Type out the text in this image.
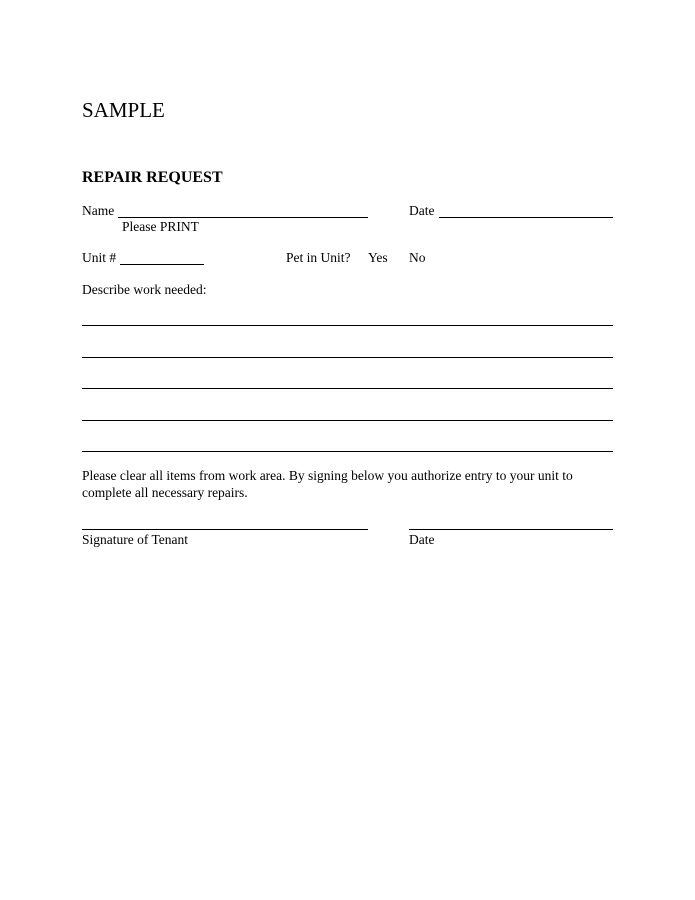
SAMPLE
REPAIR REQUEST
Name
Please PRINT
Date
Unit #	Pet in Unit? Yes No
Describe work needed:
Please clear all items from work area. By signing below you authorize entry to your unit to complete all necessary repairs.
Signature of Tenant	Date
